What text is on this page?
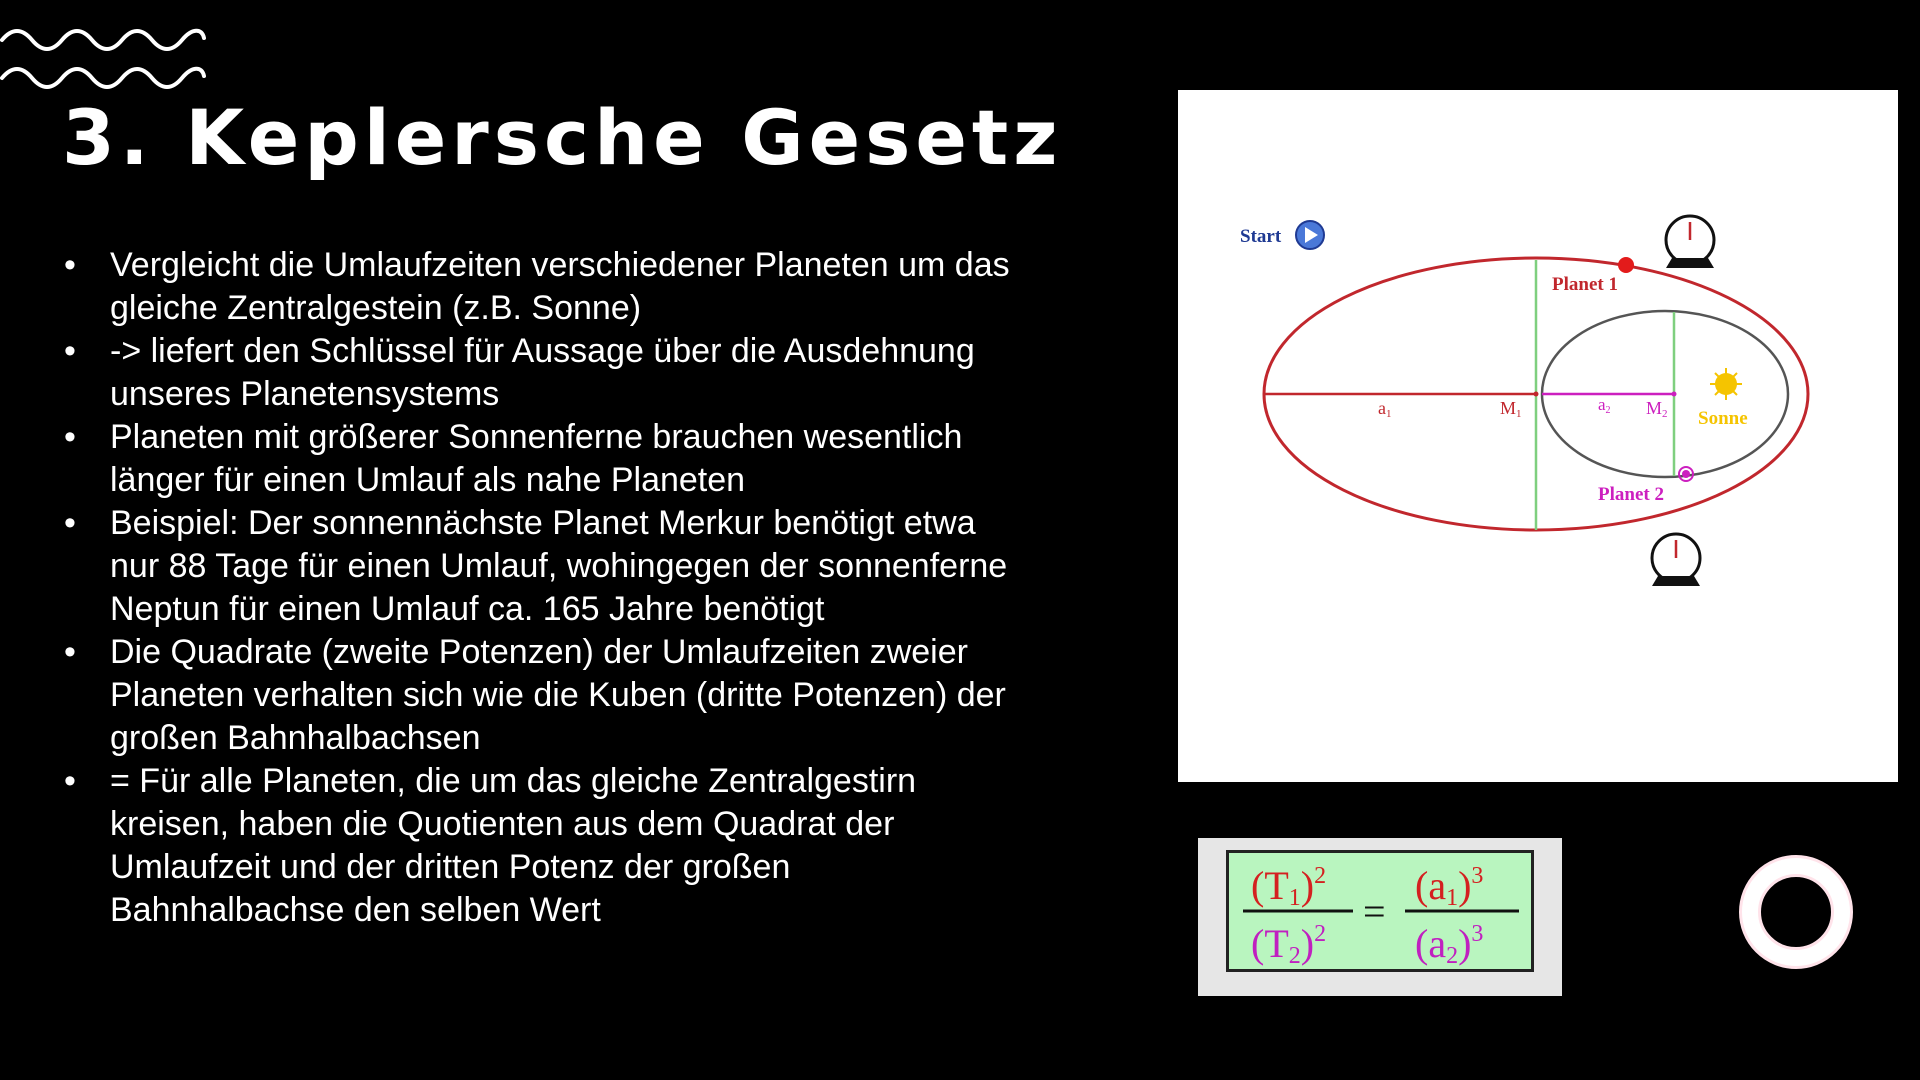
3. Keplersche Gesetz
• Vergleicht die Umlaufzeiten verschiedener Planeten um das
gleiche Zentralgestein (z.B. Sonne)
• -> liefert den Schlüssel für Aussage über die Ausdehnung
unseres Planetensystems
• Planeten mit größerer Sonnenferne brauchen wesentlich
länger für einen Umlauf als nahe Planeten
• Beispiel: Der sonnennächste Planet Merkur benötigt etwa
nur 88 Tage für einen Umlauf, wohingegen der sonnenferne
Neptun für einen Umlauf ca. 165 Jahre benötigt
• Die Quadrate (zweite Potenzen) der Umlaufzeiten zweier
Planeten verhalten sich wie die Kuben (dritte Potenzen) der
großen Bahnhalbachsen
• = Für alle Planeten, die um das gleiche Zentralgestirn
kreisen, haben die Quotienten aus dem Quadrat der
Umlaufzeit und der dritten Potenz der großen
Bahnhalbachse den selben Wert
a1	M1	a2 M2
Planet 1
Planet 2
Sonne
Start
$(T1)^2$
$(T2)^2$ =
$(a1)^3$
$(a2)^3$
